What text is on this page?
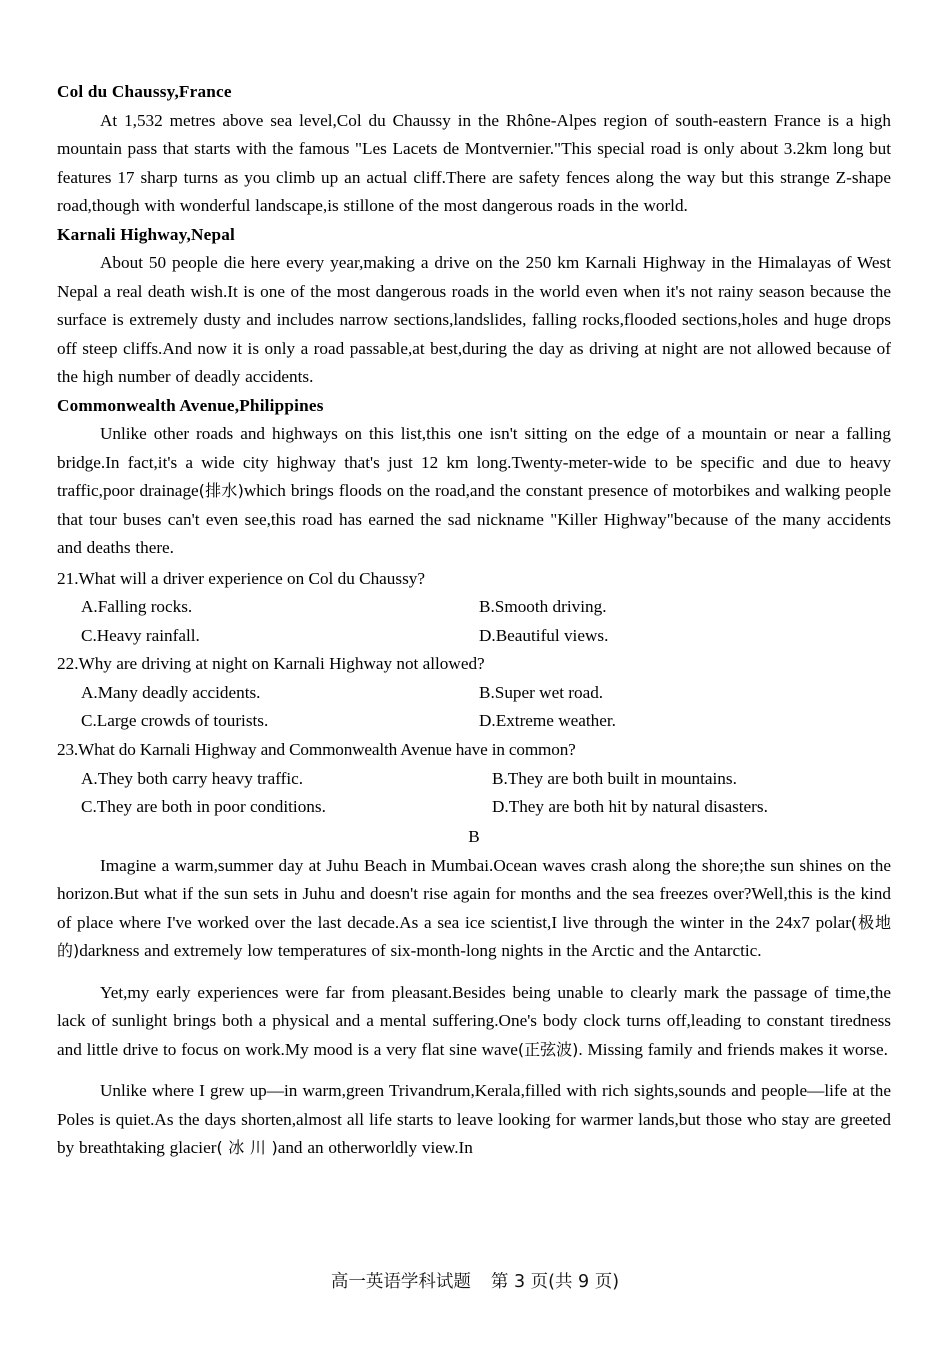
Col du Chaussy,France

At 1,532 metres above sea level,Col du Chaussy in the Rhône-Alpes region of south-eastern France is a high mountain pass that starts with the famous "Les Lacets de Montvernier."This special road is only about 3.2km long but features 17 sharp turns as you climb up an actual cliff.There are safety fences along the way but this strange Z-shape road,though with wonderful landscape,is stillone of the most dangerous roads in the world.

Karnali Highway,Nepal

About 50 people die here every year,making a drive on the 250 km Karnali Highway in the Himalayas of West Nepal a real death wish.It is one of the most dangerous roads in the world even when it's not rainy season because the surface is extremely dusty and includes narrow sections,landslides, falling rocks,flooded sections,holes and huge drops off steep cliffs.And now it is only a road passable,at best,during the day as driving at night are not allowed because of the high number of deadly accidents.

Commonwealth Avenue,Philippines

Unlike other roads and highways on this list,this one isn't sitting on the edge of a mountain or near a falling bridge.In fact,it's a wide city highway that's just 12 km long.Twenty-meter-wide to be specific and due to heavy traffic,poor drainage(排水)which brings floods on the road,and the constant presence of motorbikes and walking people that tour buses can't even see,this road has earned the sad nickname "Killer Highway"because of the many accidents and deaths there.

21.What will a driver experience on Col du Chaussy?

A.Falling rocks.	B.Smooth driving.
C.Heavy rainfall.	D.Beautiful views.

22.Why are driving at night on Karnali Highway not allowed?

A.Many deadly accidents.	B.Super wet road.
C.Large crowds of tourists.	D.Extreme weather.

23.What do Karnali Highway and Commonwealth Avenue have in common?

A.They both carry heavy traffic.	B.They are both built in mountains.
C.They are both in poor conditions.	D.They are both hit by natural disasters.

B

Imagine a warm,summer day at Juhu Beach in Mumbai.Ocean waves crash along the shore;the sun shines on the horizon.But what if the sun sets in Juhu and doesn't rise again for months and the sea freezes over?Well,this is the kind of place where I've worked over the last decade.As a sea ice scientist,I live through the winter in the 24x7 polar(极地的)darkness and extremely low temperatures of six-month-long nights in the Arctic and the Antarctic.

Yet,my early experiences were far from pleasant.Besides being unable to clearly mark the passage of time,the lack of sunlight brings both a physical and a mental suffering.One's body clock turns off,leading to constant tiredness and little drive to focus on work.My mood is a very flat sine wave(正弦波). Missing family and friends makes it worse.

Unlike where I grew up—in warm,green Trivandrum,Kerala,filled with rich sights,sounds and people—life at the Poles is quiet.As the days shorten,almost all life starts to leave looking for warmer lands,but those who stay are greeted by breathtaking glacier( 冰 川 )and an otherworldly view.In

高一英语学科试题 第 3 页(共 9 页)
